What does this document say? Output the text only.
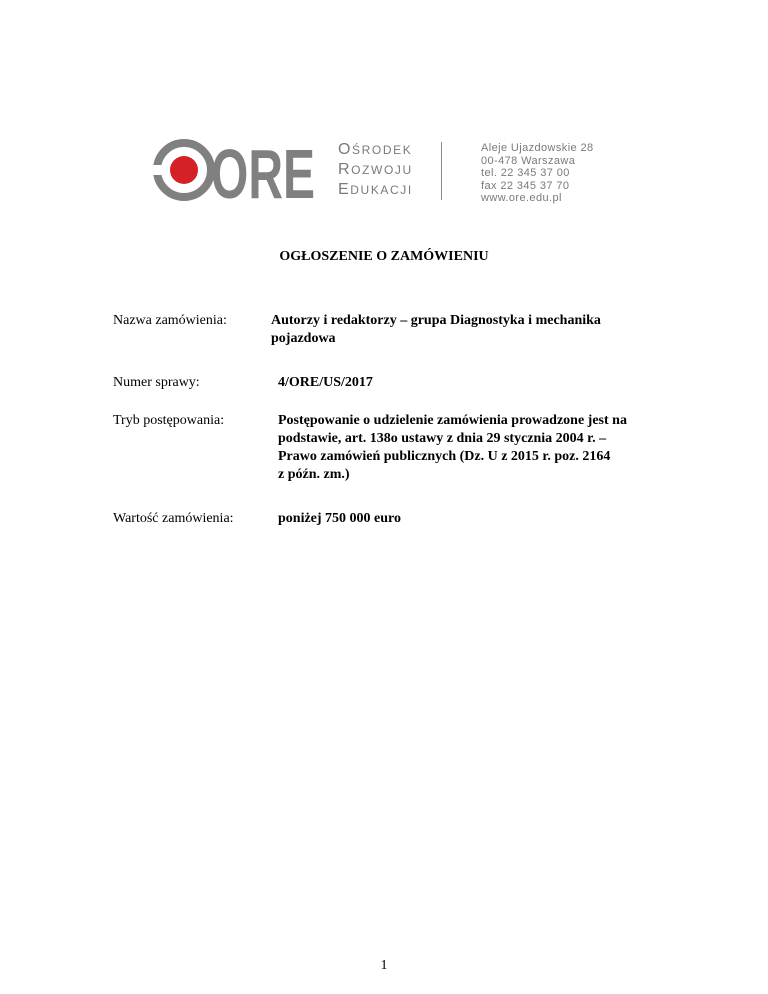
ORE OŚRODEK
ROZWOJU
EDUKACJI
Aleje Ujazdowskie 28
00-478 Warszawa
tel. 22 345 37 00
fax 22 345 37 70
www.ore.edu.pl
OGŁOSZENIE O ZAMÓWIENIU
Nazwa zamówienia:	Autorzy i redaktorzy – grupa Diagnostyka i mechanika
pojazdowa
Numer sprawy:	4/ORE/US/2017
Tryb postępowania:	Postępowanie o udzielenie zamówienia prowadzone jest na
podstawie, art. 138o ustawy z dnia 29 stycznia 2004 r. –
Prawo zamówień publicznych (Dz. U z 2015 r. poz. 2164
z późn. zm.)
Wartość zamówienia:	poniżej 750 000 euro
1
